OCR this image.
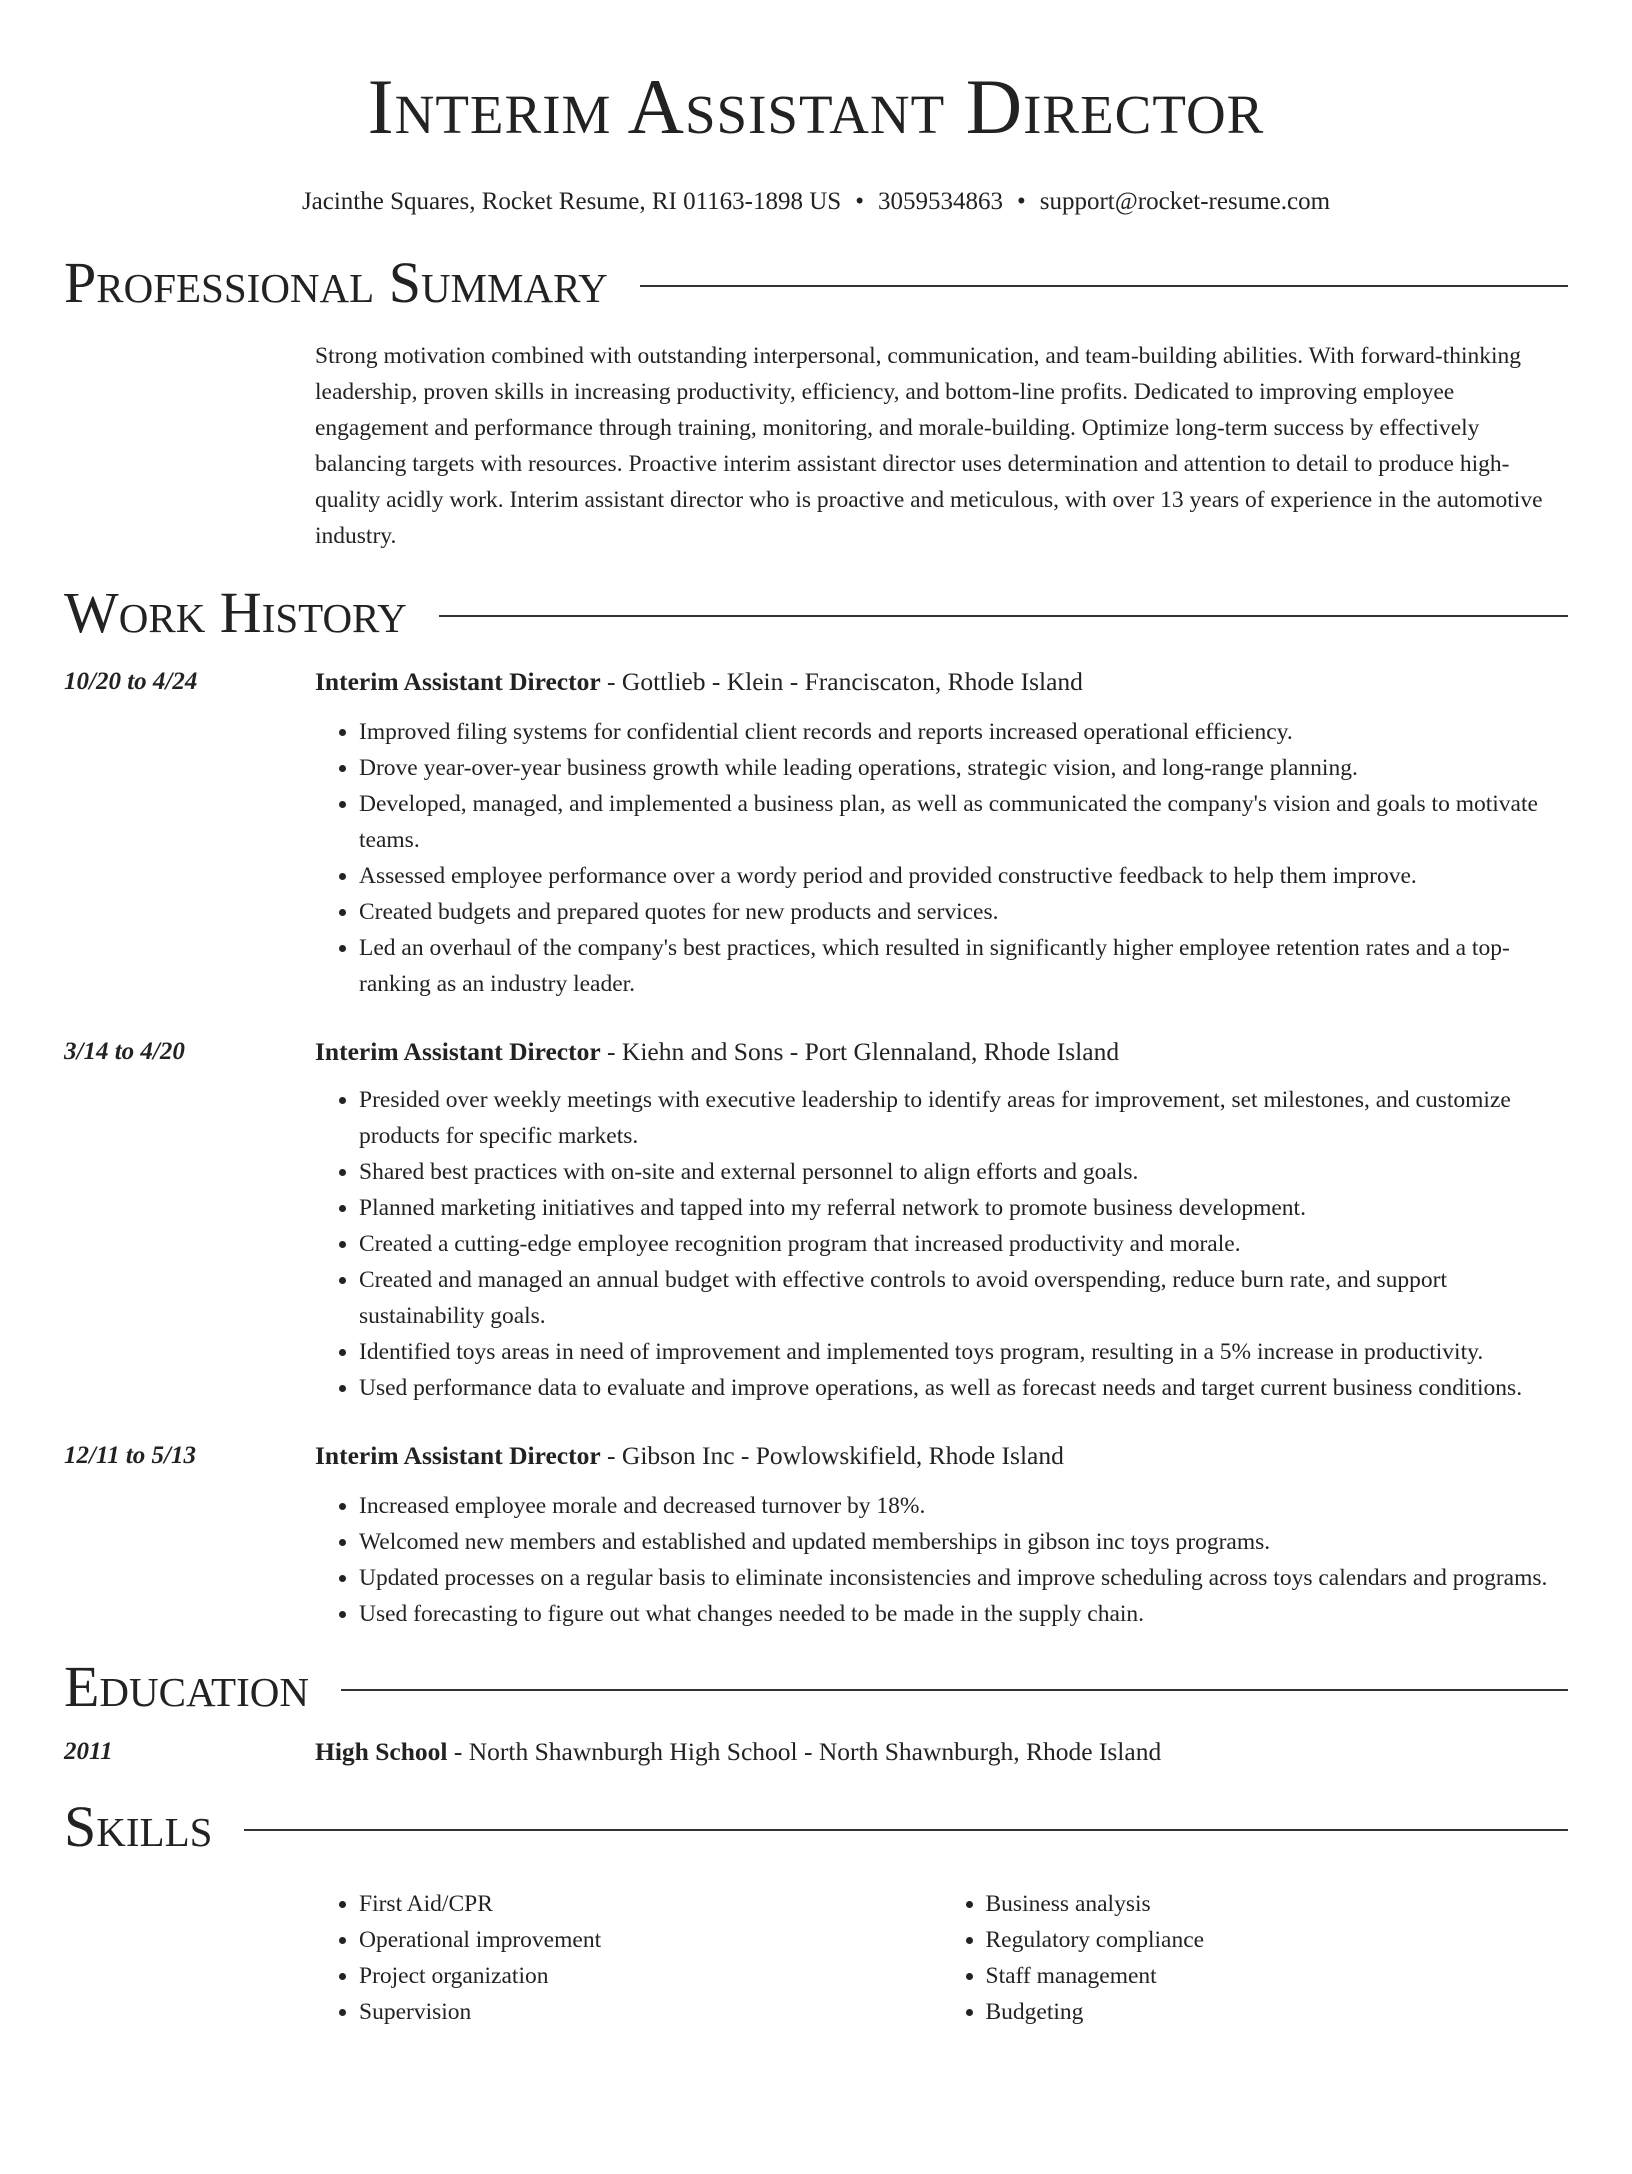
Interim Assistant Director
Jacinthe Squares, Rocket Resume, RI 01163-1898 US • 3059534863 • support@rocket-resume.com
Professional Summary

Strong motivation combined with outstanding interpersonal, communication, and team-building abilities. With forward-thinking leadership, proven skills in increasing productivity, efficiency, and bottom-line profits. Dedicated to improving employee engagement and performance through training, monitoring, and morale-building. Optimize long-term success by effectively balancing targets with resources. Proactive interim assistant director uses determination and attention to detail to produce high-quality acidly work. Interim assistant director who is proactive and meticulous, with over 13 years of experience in the automotive industry.

Work History
10/20 to 4/24	Interim Assistant Director - Gottlieb - Klein - Franciscaton, Rhode Island
• Improved filing systems for confidential client records and reports increased operational efficiency.
• Drove year-over-year business growth while leading operations, strategic vision, and long-range planning.
• Developed, managed, and implemented a business plan, as well as communicated the company's vision and goals to motivate teams.
• Assessed employee performance over a wordy period and provided constructive feedback to help them improve.
• Created budgets and prepared quotes for new products and services.
• Led an overhaul of the company's best practices, which resulted in significantly higher employee retention rates and a top-ranking as an industry leader.
3/14 to 4/20	Interim Assistant Director - Kiehn and Sons - Port Glennaland, Rhode Island
• Presided over weekly meetings with executive leadership to identify areas for improvement, set milestones, and customize products for specific markets.
• Shared best practices with on-site and external personnel to align efforts and goals.
• Planned marketing initiatives and tapped into my referral network to promote business development.
• Created a cutting-edge employee recognition program that increased productivity and morale.
• Created and managed an annual budget with effective controls to avoid overspending, reduce burn rate, and support sustainability goals.
• Identified toys areas in need of improvement and implemented toys program, resulting in a 5% increase in productivity.
• Used performance data to evaluate and improve operations, as well as forecast needs and target current business conditions.
12/11 to 5/13	Interim Assistant Director - Gibson Inc - Powlowskifield, Rhode Island
• Increased employee morale and decreased turnover by 18%.
• Welcomed new members and established and updated memberships in gibson inc toys programs.
• Updated processes on a regular basis to eliminate inconsistencies and improve scheduling across toys calendars and programs.
• Used forecasting to figure out what changes needed to be made in the supply chain.
Education
2011	High School - North Shawnburgh High School - North Shawnburgh, Rhode Island
Skills
• First Aid/CPR
• Operational improvement
• Project organization
• Supervision
• Business analysis
• Regulatory compliance
• Staff management
• Budgeting
